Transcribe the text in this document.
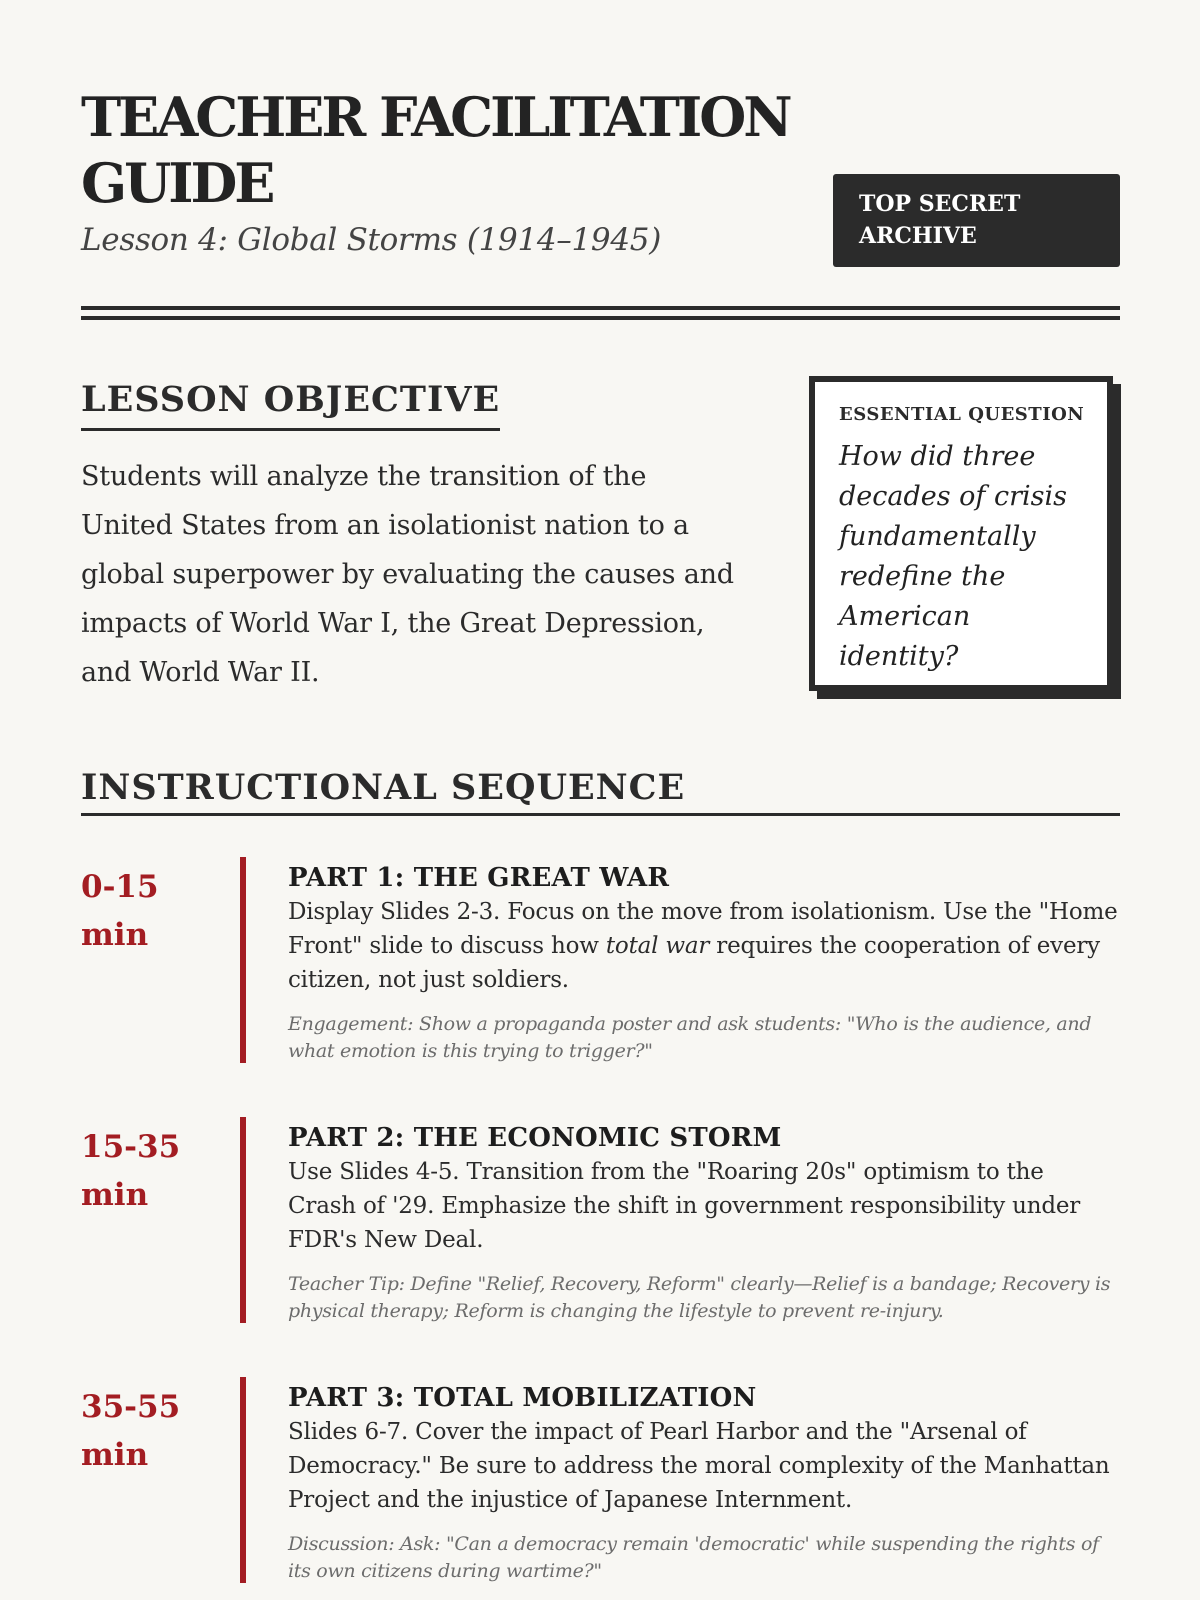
TEACHER FACILITATION GUIDE

Lesson 4: Global Storms (1914–1945)

TOP SECRET ARCHIVE
LESSON OBJECTIVE

Students will analyze the transition of the United States from an isolationist nation to a global superpower by evaluating the causes and impacts of World War I, the Great Depression, and World War II.

ESSENTIAL QUESTION

How did three decades of crisis fundamentally redefine the American identity?

INSTRUCTIONAL SEQUENCE
0-15 min

PART 1: THE GREAT WAR

Display Slides 2-3. Focus on the move from isolationism. Use the "Home Front" slide to discuss how total war requires the cooperation of every citizen, not just soldiers.

Engagement: Show a propaganda poster and ask students: "Who is the audience, and what emotion is this trying to trigger?"

15-35 min

PART 2: THE ECONOMIC STORM

Use Slides 4-5. Transition from the "Roaring 20s" optimism to the Crash of '29. Emphasize the shift in government responsibility under FDR's New Deal.

Teacher Tip: Define "Relief, Recovery, Reform" clearly—Relief is a bandage; Recovery is physical therapy; Reform is changing the lifestyle to prevent re-injury.

35-55 min

PART 3: TOTAL MOBILIZATION

Slides 6-7. Cover the impact of Pearl Harbor and the "Arsenal of Democracy." Be sure to address the moral complexity of the Manhattan Project and the injustice of Japanese Internment.

Discussion: Ask: "Can a democracy remain 'democratic' while suspending the rights of its own citizens during wartime?"
